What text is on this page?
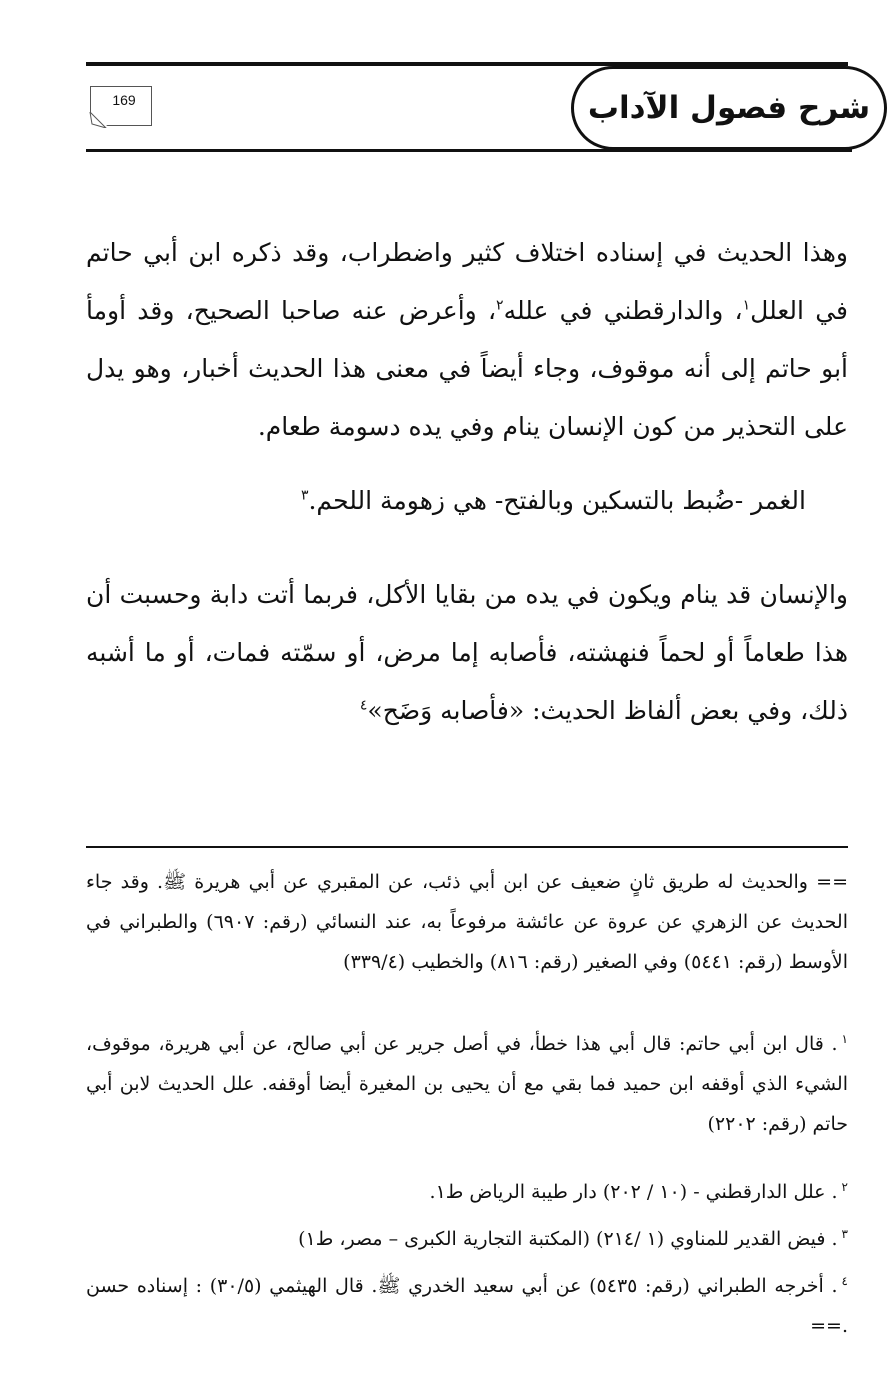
شرح فصول الآداب
169
وهذا الحديث في إسناده اختلاف كثير واضطراب، وقد ذكره ابن أبي حاتم في العلل$^١$، والدارقطني في علله$^٢$، وأعرض عنه صاحبا الصحيح، وقد أومأ أبو حاتم إلى أنه موقوف، وجاء أيضاً في معنى هذا الحديث أخبار، وهو يدل على التحذير من كون الإنسان ينام وفي يده دسومة طعام.
الغمر -ضُبط بالتسكين وبالفتح- هي زهومة اللحم.$^٣$
والإنسان قد ينام ويكون في يده من بقايا الأكل، فربما أتت دابة وحسبت أن هذا طعاماً أو لحماً فنهشته، فأصابه إما مرض، أو سمّته فمات، أو ما أشبه ذلك، وفي بعض ألفاظ الحديث: «فأصابه وَضَح»$^٤$
== والحديث له طريق ثانٍ ضعيف عن ابن أبي ذئب، عن المقبري عن أبي هريرة ﷺ. وقد جاء الحديث عن الزهري عن عروة عن عائشة مرفوعاً به، عند النسائي (رقم: ٦٩٠٧) والطبراني في الأوسط (رقم: ٥٤٤١) وفي الصغير (رقم: ٨١٦) والخطيب (٣٣٩/٤)
$^١$. قال ابن أبي حاتم: قال أبي هذا خطأ، في أصل جرير عن أبي صالح، عن أبي هريرة، موقوف، الشيء الذي أوقفه ابن حميد فما بقي مع أن يحيى بن المغيرة أيضا أوقفه. علل الحديث لابن أبي حاتم (رقم: ٢٢٠٢)
$^٢$. علل الدارقطني - (١٠ / ٢٠٢) دار طيبة الرياض ط١.
$^٣$. فيض القدير للمناوي (١ /٢١٤) (المكتبة التجارية الكبرى – مصر، ط١)
$^٤$. أخرجه الطبراني (رقم: ٥٤٣٥) عن أبي سعيد الخدري ﷺ. قال الهيثمي (٣٠/٥) : إسناده حسن .==
